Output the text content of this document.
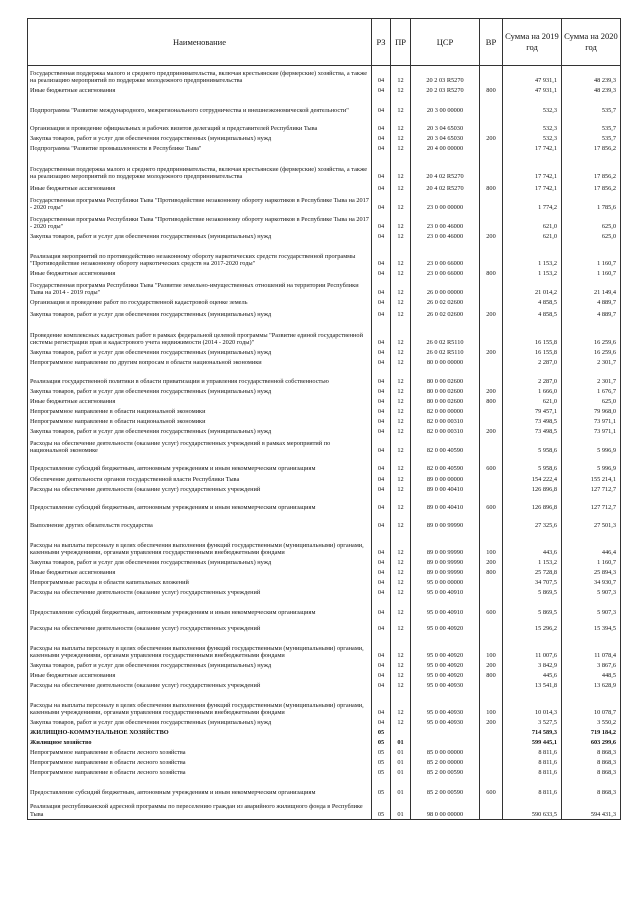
Наименование	РЗ	ПР	ЦСР	ВР	Сумма на 2019 год	Сумма на 2020 год
Государственная поддержка малого и среднего предпринимательства, включая крестьянские (фермерские) хозяйства, а также на реализацию мероприятий по поддержке молодежного предпринимательства	04	12	20 2 03 R5270		47 931,1	48 239,3
Иные бюджетные ассигнования	04	12	20 2 03 R5270	800	47 931,1	48 239,3
Подпрограмма "Развитие международного, межрегионального сотрудничества и внешнеэкономической деятельности"	04	12	20 3 00 00000		532,3	535,7
Организация и проведение официальных и рабочих визитов делегаций и представителей Республики Тыва	04	12	20 3 04 65030		532,3	535,7
Закупка товаров, работ и услуг для обеспечения государственных (муниципальных) нужд	04	12	20 3 04 65030	200	532,3	535,7
Подпрограмма "Развитие промышленности в Республике Тыва"	04	12	20 4 00 00000		17 742,1	17 856,2
Государственная поддержка малого и среднего предпринимательства, включая крестьянские (фермерские) хозяйства, а также на реализацию мероприятий по поддержке молодежного предпринимательства	04	12	20 4 02 R5270		17 742,1	17 856,2
Иные бюджетные ассигнования	04	12	20 4 02 R5270	800	17 742,1	17 856,2
Государственная программа Республики Тыва "Противодействие незаконному обороту наркотиков в Республике Тыва на 2017 - 2020 годы"	04	12	23 0 00 00000		1 774,2	1 785,6
Государственная программа Республики Тыва "Противодействие незаконному обороту наркотиков в Республике Тыва на 2017 - 2020 годы"	04	12	23 0 00 46000		621,0	625,0
Закупка товаров, работ и услуг для обеспечения государственных (муниципальных) нужд	04	12	23 0 00 46000	200	621,0	625,0
Реализация мероприятий по противодействию незаконному обороту наркотических средств государственной программы "Противодействие незаконному обороту наркотических средств на 2017-2020 годы"	04	12	23 0 00 66000		1 153,2	1 160,7
Иные бюджетные ассигнования	04	12	23 0 00 66000	800	1 153,2	1 160,7
Государственная программа Республики Тыва "Развитие земельно-имущественных отношений на территории Республики Тыва на 2014 - 2019 годы"	04	12	26 0 00 00000		21 014,2	21 149,4
Организация и проведение работ по государственной кадастровой оценке земель	04	12	26 0 02 02600		4 858,5	4 889,7
Закупка товаров, работ и услуг для обеспечения государственных (муниципальных) нужд	04	12	26 0 02 02600	200	4 858,5	4 889,7
Проведение комплексных кадастровых работ в рамках федеральной целевой программы "Развитие единой государственной системы регистрации прав и кадастрового учета недвижимости (2014 - 2020 годы)"	04	12	26 0 02 R5110		16 155,8	16 259,6
Закупка товаров, работ и услуг для обеспечения государственных (муниципальных) нужд	04	12	26 0 02 R5110	200	16 155,8	16 259,6
Непрограммное направление по другим вопросам в области национальной экономики	04	12	80 0 00 00000		2 287,0	2 301,7
Реализация государственной политики в области приватизации и управления государственной собственностью	04	12	80 0 00 02600		2 287,0	2 301,7
Закупка товаров, работ и услуг для обеспечения государственных (муниципальных) нужд	04	12	80 0 00 02600	200	1 666,0	1 676,7
Иные бюджетные ассигнования	04	12	80 0 00 02600	800	621,0	625,0
Непрограммное направление в области национальной экономики	04	12	82 0 00 00000		79 457,1	79 968,0
Непрограммное направление в области национальной экономики	04	12	82 0 00 00310		73 498,5	73 971,1
Закупка товаров, работ и услуг для обеспечения государственных (муниципальных) нужд	04	12	82 0 00 00310	200	73 498,5	73 971,1
Расходы на обеспечение деятельности (оказание услуг) государственных учреждений в рамках мероприятий по национальной экономике	04	12	82 0 00 40590		5 958,6	5 996,9
Предоставление субсидий бюджетным, автономным учреждениям и иным некоммерческим организациям	04	12	82 0 00 40590	600	5 958,6	5 996,9
Обеспечение деятельности органов государственной власти Республики Тыва	04	12	89 0 00 00000		154 222,4	155 214,1
Расходы на обеспечение деятельности (оказание услуг) государственных учреждений	04	12	89 0 00 40410		126 896,8	127 712,7
Предоставление субсидий бюджетным, автономным учреждениям и иным некоммерческим организациям	04	12	89 0 00 40410	600	126 896,8	127 712,7
Выполнение других обязательств государства	04	12	89 0 00 99990		27 325,6	27 501,3
Расходы на выплаты персоналу в целях обеспечения выполнения функций государственными (муниципальными) органами, казенными учреждениями, органами управления государственными внебюджетными фондами	04	12	89 0 00 99990	100	443,6	446,4
Закупка товаров, работ и услуг для обеспечения государственных (муниципальных) нужд	04	12	89 0 00 99990	200	1 153,2	1 160,7
Иные бюджетные ассигнования	04	12	89 0 00 99990	800	25 728,8	25 894,3
Непрограммные расходы в области капитальных вложений	04	12	95 0 00 00000		34 707,5	34 930,7
Расходы на обеспечение деятельности (оказание услуг) государственных учреждений	04	12	95 0 00 40910		5 869,5	5 907,3
Предоставление субсидий бюджетным, автономным учреждениям и иным некоммерческим организациям	04	12	95 0 00 40910	600	5 869,5	5 907,3
Расходы на обеспечение деятельности (оказание услуг) государственных учреждений	04	12	95 0 00 40920		15 296,2	15 394,5
Расходы на выплаты персоналу в целях обеспечения выполнения функций государственными (муниципальными) органами, казенными учреждениями, органами управления государственными внебюджетными фондами	04	12	95 0 00 40920	100	11 007,6	11 078,4
Закупка товаров, работ и услуг для обеспечения государственных (муниципальных) нужд	04	12	95 0 00 40920	200	3 842,9	3 867,6
Иные бюджетные ассигнования	04	12	95 0 00 40920	800	445,6	448,5
Расходы на обеспечение деятельности (оказание услуг) государственных учреждений	04	12	95 0 00 40930		13 541,8	13 628,9
Расходы на выплаты персоналу в целях обеспечения выполнения функций государственными (муниципальными) органами, казенными учреждениями, органами управления государственными внебюджетными фондами	04	12	95 0 00 40930	100	10 014,3	10 078,7
Закупка товаров, работ и услуг для обеспечения государственных (муниципальных) нужд	04	12	95 0 00 40930	200	3 527,5	3 550,2
ЖИЛИЩНО-КОММУНАЛЬНОЕ ХОЗЯЙСТВО	05				714 589,3	719 184,2
Жилищное хозяйство	05	01			599 445,1	603 299,6
Непрограммное направление в области лесного хозяйства	05	01	85 0 00 00000		8 811,6	8 868,3
Непрограммное направление в области лесного хозяйства	05	01	85 2 00 00000		8 811,6	8 868,3
Непрограммное направление в области лесного хозяйства	05	01	85 2 00 00590		8 811,6	8 868,3
Предоставление субсидий бюджетным, автономным учреждениям и иным некоммерческим организациям	05	01	85 2 00 00590	600	8 811,6	8 868,3
Реализация республиканской адресной программы по переселению граждан из аварийного жилищного фонда в Республике Тыва	05	01	98 0 00 00000		590 633,5	594 431,3
